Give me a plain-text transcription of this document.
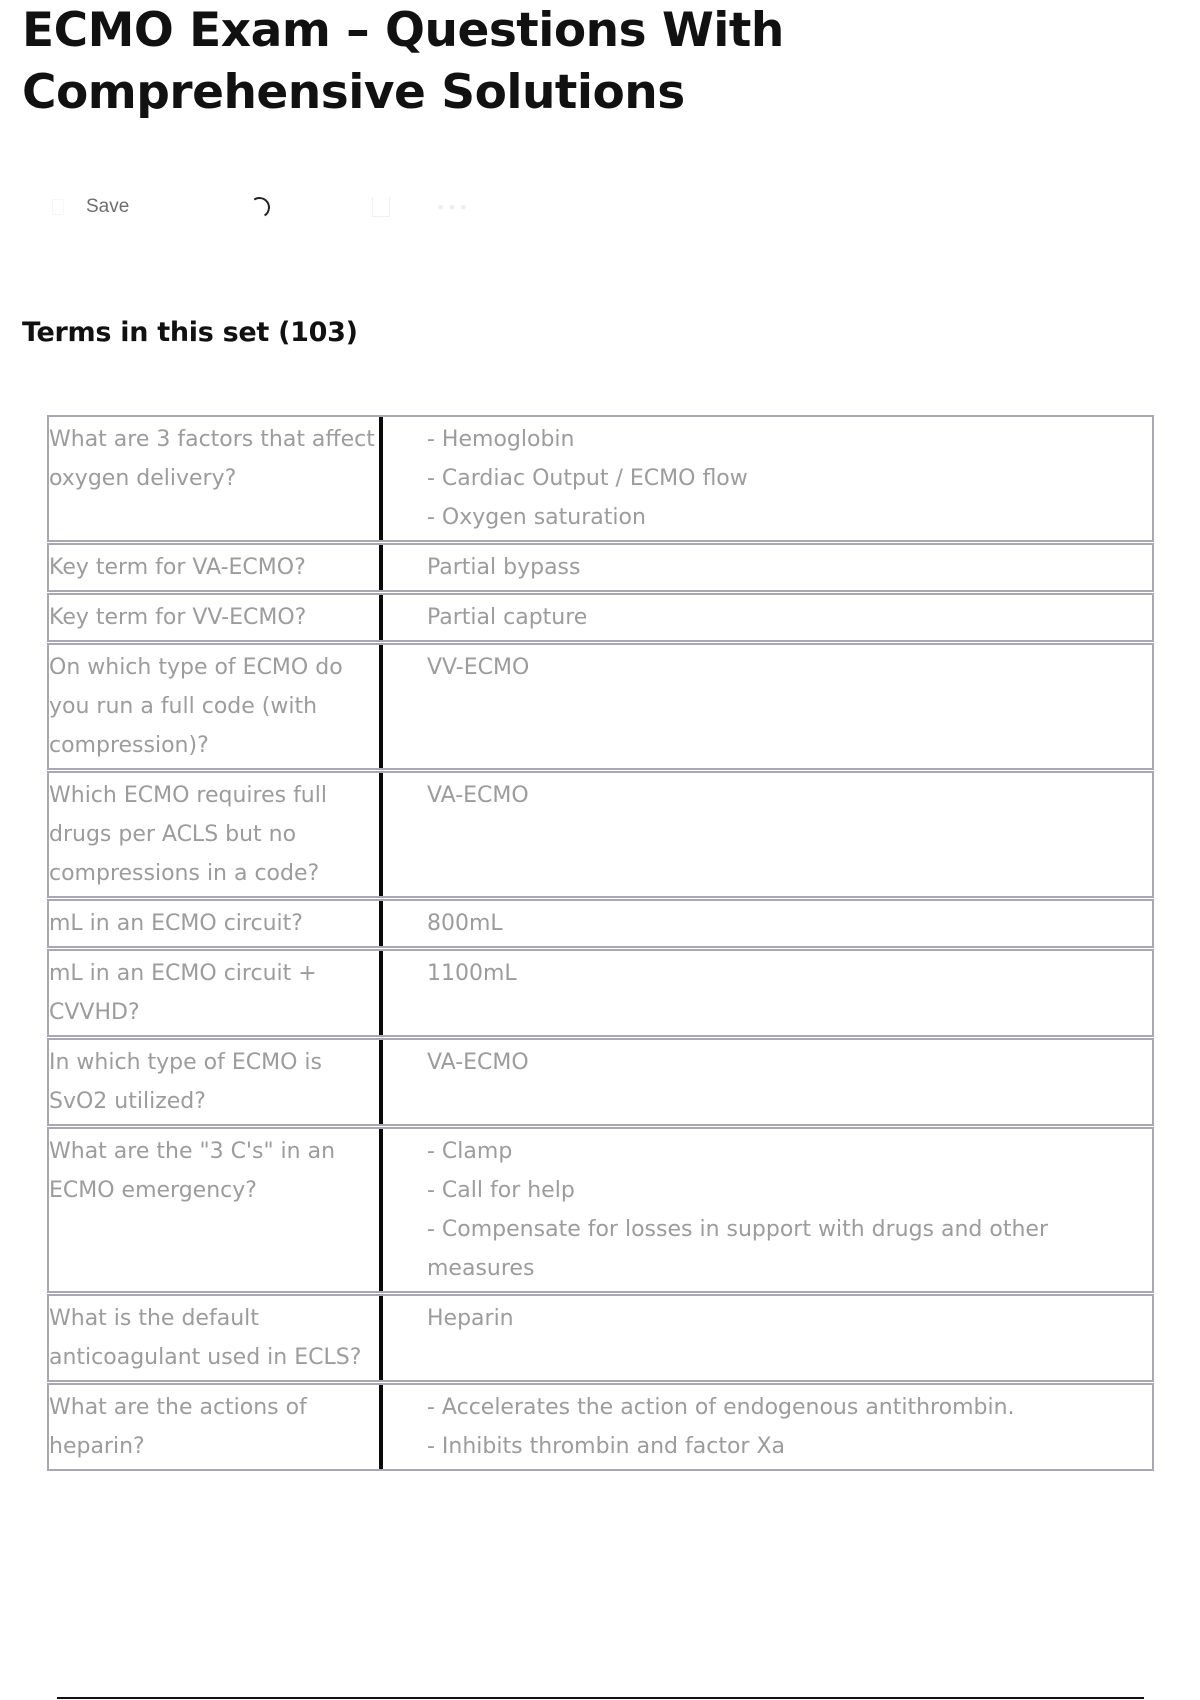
ECMO Exam – Questions With Comprehensive Solutions
Save	•••
Terms in this set (103)
What are 3 factors that affect oxygen delivery?		- Hemoglobin
- Cardiac Output / ECMO flow
- Oxygen saturation

Key term for VA-ECMO?		Partial bypass

Key term for VV-ECMO?		Partial capture

On which type of ECMO do you run a full code (with compression)?		VV-ECMO

Which ECMO requires full drugs per ACLS but no compressions in a code?		VA-ECMO

mL in an ECMO circuit?		800mL

mL in an ECMO circuit + CVVHD?		1100mL

In which type of ECMO is SvO2 utilized?		VA-ECMO

What are the "3 C's" in an ECMO emergency?		- Clamp
- Call for help
- Compensate for losses in support with drugs and other measures

What is the default anticoagulant used in ECLS?		Heparin

What are the actions of heparin?		- Accelerates the action of endogenous antithrombin.
- Inhibits thrombin and factor Xa
